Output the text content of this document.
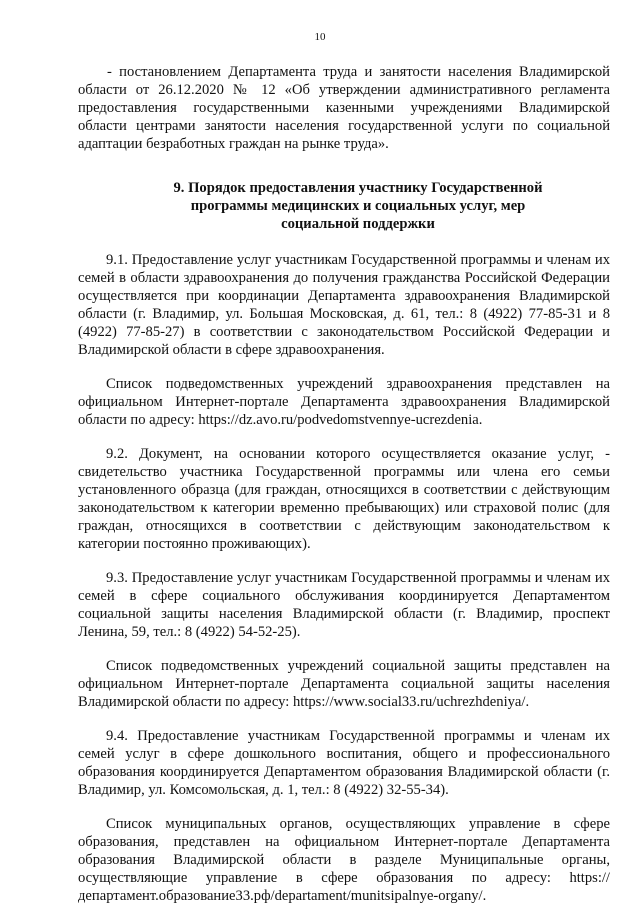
10

- постановлением Департамента труда и занятости населения Владимирской области от 26.12.2020 № 12 «Об утверждении административного регламента предоставления государственными казенными учреждениями Владимирской области центрами занятости населения государственной услуги по социальной адаптации безработных граждан на рынке труда».

9. Порядок предоставления участнику Государственной
программы медицинских и социальных услуг, мер
социальной поддержки

9.1. Предоставление услуг участникам Государственной программы и членам их семей в области здравоохранения до получения гражданства Российской Федерации осуществляется при координации Департамента здравоохранения Владимирской области (г. Владимир, ул. Большая Московская, д. 61, тел.: 8 (4922) 77-85-31 и 8 (4922) 77-85-27) в соответствии с законодательством Российской Федерации и Владимирской области в сфере здравоохранения.

Список подведомственных учреждений здравоохранения представлен на официальном Интернет-портале Департамента здравоохранения Владимирской области по адресу: https://dz.avo.ru/podvedomstvennye-ucrezdenia.

9.2. Документ, на основании которого осуществляется оказание услуг, - свидетельство участника Государственной программы или члена его семьи установленного образца (для граждан, относящихся в соответствии с действующим законодательством к категории временно пребывающих) или страховой полис (для граждан, относящихся в соответствии с действующим законодательством к категории постоянно проживающих).

9.3. Предоставление услуг участникам Государственной программы и членам их семей в сфере социального обслуживания координируется Департаментом социальной защиты населения Владимирской области (г. Владимир, проспект Ленина, 59, тел.: 8 (4922) 54-52-25).

Список подведомственных учреждений социальной защиты представлен на официальном Интернет-портале Департамента социальной защиты населения Владимирской области по адресу: https://www.social33.ru/uchrezhdeniya/.

9.4. Предоставление участникам Государственной программы и членам их семей услуг в сфере дошкольного воспитания, общего и профессионального образования координируется Департаментом образования Владимирской области (г. Владимир, ул. Комсомольская, д. 1, тел.: 8 (4922) 32-55-34).

Список муниципальных органов, осуществляющих управление в сфере образования, представлен на официальном Интернет-портале Департамента образования Владимирской области в разделе Муниципальные органы, осуществляющие управление в сфере образования по адресу: https:// департамент.образование33.рф/departament/munitsipalnye-organy/.
